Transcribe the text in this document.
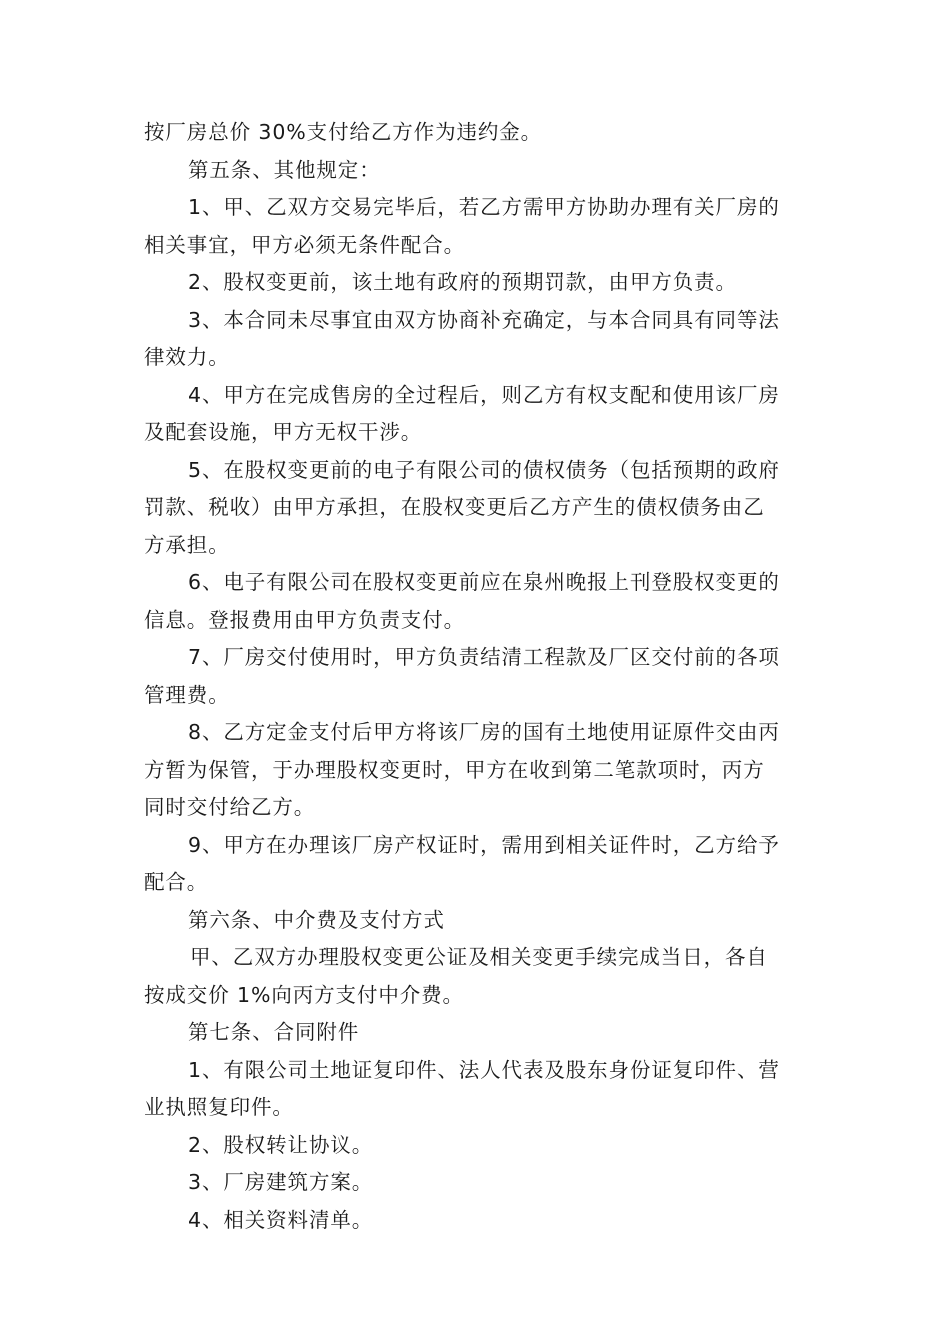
按厂房总价 30%支付给乙方作为违约金。
第五条、其他规定：
1、甲、乙双方交易完毕后，若乙方需甲方协助办理有关厂房的
相关事宜，甲方必须无条件配合。
2、股权变更前，该土地有政府的预期罚款，由甲方负责。
3、本合同未尽事宜由双方协商补充确定，与本合同具有同等法
律效力。
4、甲方在完成售房的全过程后，则乙方有权支配和使用该厂房
及配套设施，甲方无权干涉。
5、在股权变更前的电子有限公司的债权债务（包括预期的政府
罚款、税收）由甲方承担，在股权变更后乙方产生的债权债务由乙
方承担。
6、电子有限公司在股权变更前应在泉州晚报上刊登股权变更的
信息。登报费用由甲方负责支付。
7、厂房交付使用时，甲方负责结清工程款及厂区交付前的各项
管理费。
8、乙方定金支付后甲方将该厂房的国有土地使用证原件交由丙
方暂为保管，于办理股权变更时，甲方在收到第二笔款项时，丙方
同时交付给乙方。
9、甲方在办理该厂房产权证时，需用到相关证件时，乙方给予
配合。
第六条、中介费及支付方式
甲、乙双方办理股权变更公证及相关变更手续完成当日，各自
按成交价 1%向丙方支付中介费。
第七条、合同附件
1、有限公司土地证复印件、法人代表及股东身份证复印件、营
业执照复印件。
2、股权转让协议。
3、厂房建筑方案。
4、相关资料清单。
